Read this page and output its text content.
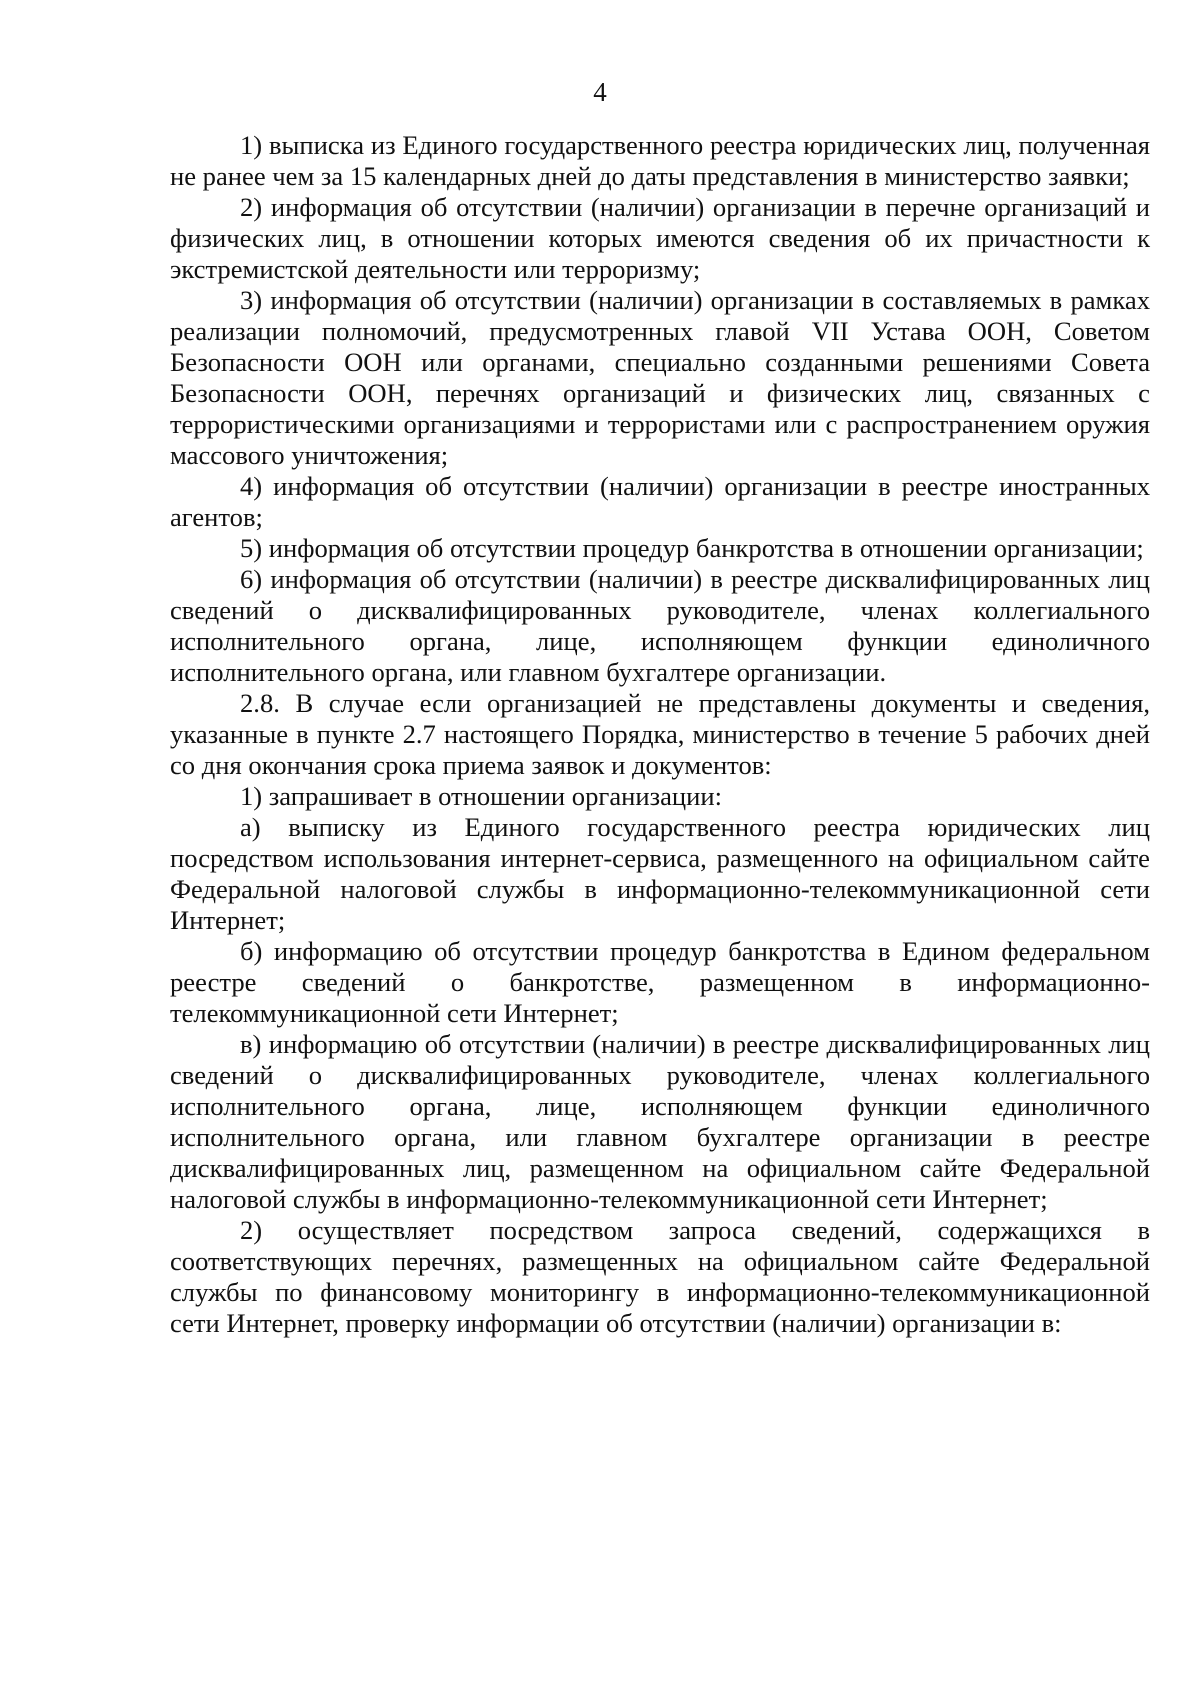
4

1) выписка из Единого государственного реестра юридических лиц, полученная не ранее чем за 15 календарных дней до даты представления в министерство заявки;

2) информация об отсутствии (наличии) организации в перечне организаций и физических лиц, в отношении которых имеются сведения об их причастности к экстремистской деятельности или терроризму;

3) информация об отсутствии (наличии) организации в составляемых в рамках реализации полномочий, предусмотренных главой VII Устава ООН, Советом Безопасности ООН или органами, специально созданными решениями Совета Безопасности ООН, перечнях организаций и физических лиц, связанных с террористическими организациями и террористами или с распространением оружия массового уничтожения;

4) информация об отсутствии (наличии) организации в реестре иностранных агентов;

5) информация об отсутствии процедур банкротства в отношении организации;

6) информация об отсутствии (наличии) в реестре дисквалифицированных лиц сведений о дисквалифицированных руководителе, членах коллегиального исполнительного органа, лице, исполняющем функции единоличного исполнительного органа, или главном бухгалтере организации.

2.8. В случае если организацией не представлены документы и сведения, указанные в пункте 2.7 настоящего Порядка, министерство в течение 5 рабочих дней со дня окончания срока приема заявок и документов:

1) запрашивает в отношении организации:

а) выписку из Единого государственного реестра юридических лиц посредством использования интернет-сервиса, размещенного на официальном сайте Федеральной налоговой службы в информационно-телекоммуникационной сети Интернет;

б) информацию об отсутствии процедур банкротства в Едином федеральном реестре сведений о банкротстве, размещенном в информационно-телекоммуникационной сети Интернет;

в) информацию об отсутствии (наличии) в реестре дисквалифицированных лиц сведений о дисквалифицированных руководителе, членах коллегиального исполнительного органа, лице, исполняющем функции единоличного исполнительного органа, или главном бухгалтере организации в реестре дисквалифицированных лиц, размещенном на официальном сайте Федеральной налоговой службы в информационно-телекоммуникационной сети Интернет;

2) осуществляет посредством запроса сведений, содержащихся в соответствующих перечнях, размещенных на официальном сайте Федеральной службы по финансовому мониторингу в информационно-телекоммуникационной сети Интернет, проверку информации об отсутствии (наличии) организации в:
